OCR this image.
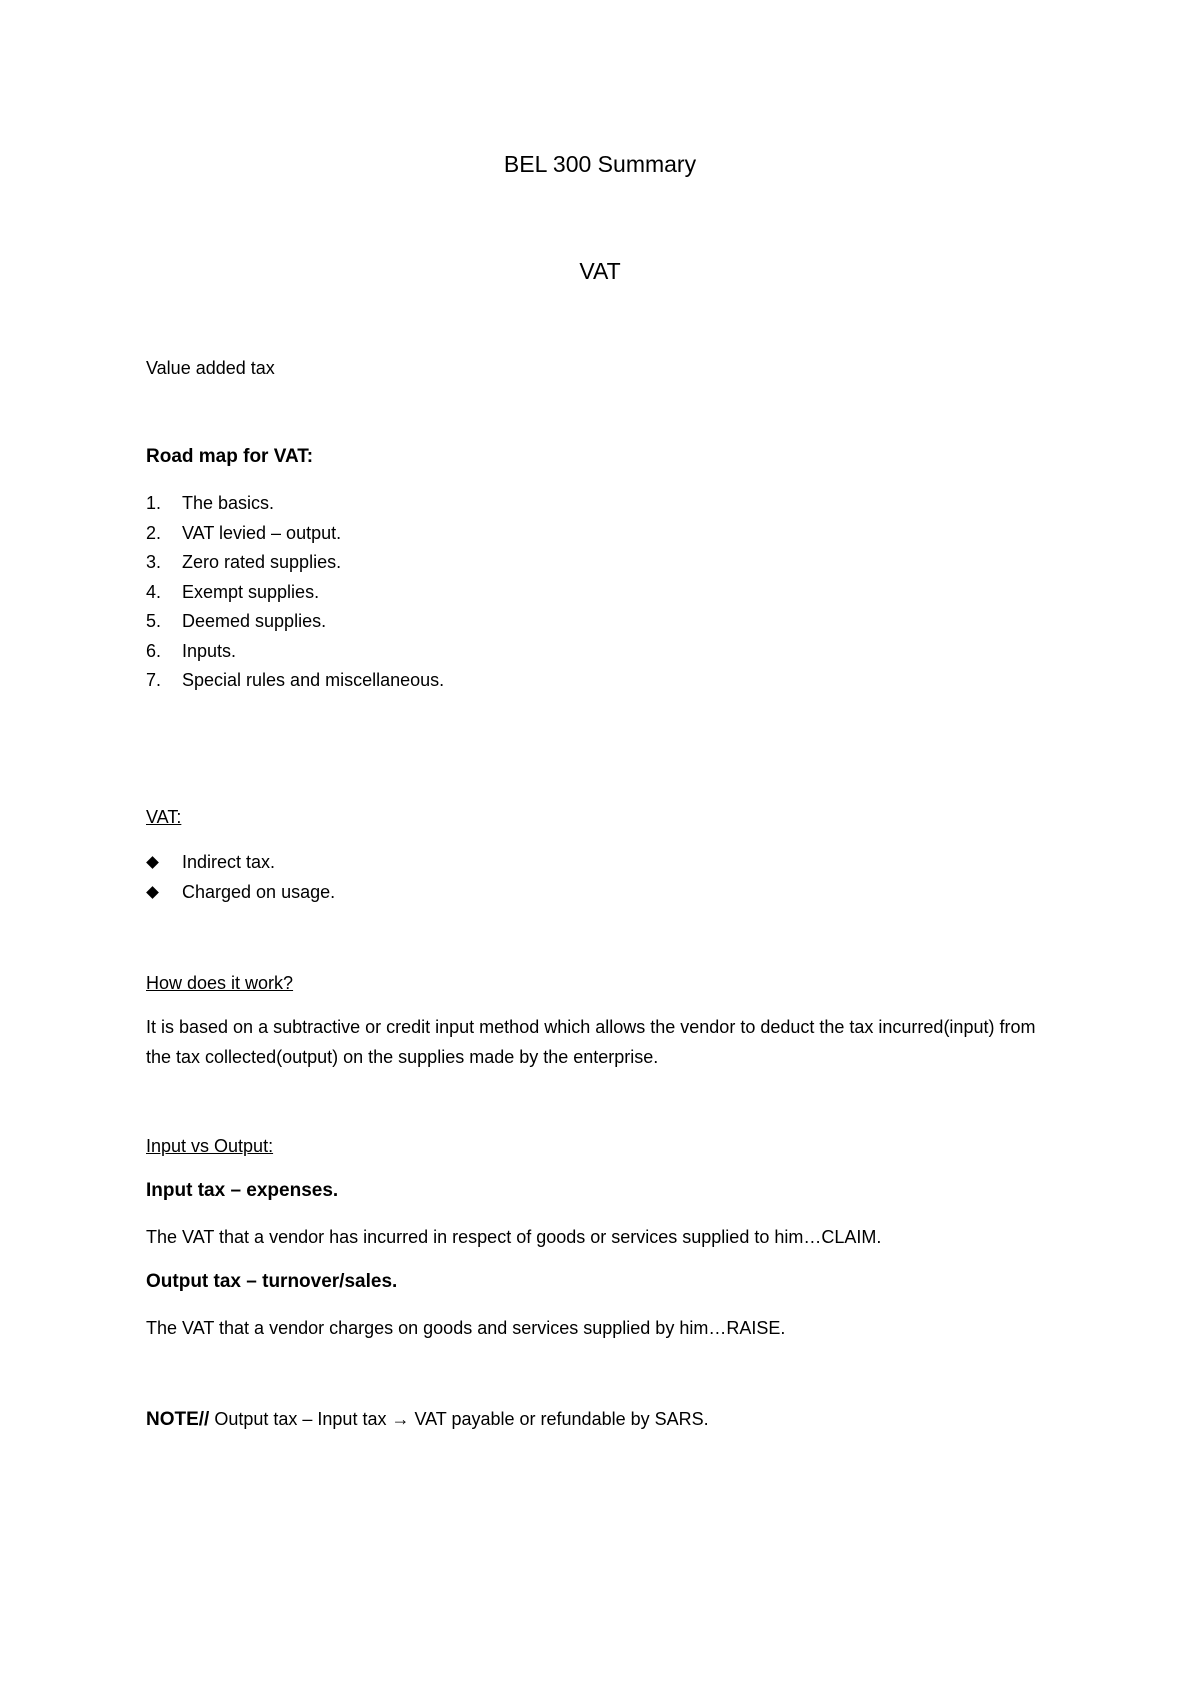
BEL 300 Summary
VAT

Value added tax

Road map for VAT:

1. The basics.
2. VAT levied – output.
3. Zero rated supplies.
4. Exempt supplies.
5. Deemed supplies.
6. Inputs.
7. Special rules and miscellaneous.

VAT:

Indirect tax.
Charged on usage.

How does it work?

It is based on a subtractive or credit input method which allows the vendor to deduct the tax incurred(input) from the tax collected(output) on the supplies made by the enterprise.

Input vs Output:

Input tax – expenses.

The VAT that a vendor has incurred in respect of goods or services supplied to him…CLAIM.

Output tax – turnover/sales.

The VAT that a vendor charges on goods and services supplied by him…RAISE.

NOTE// Output tax – Input tax → VAT payable or refundable by SARS.
